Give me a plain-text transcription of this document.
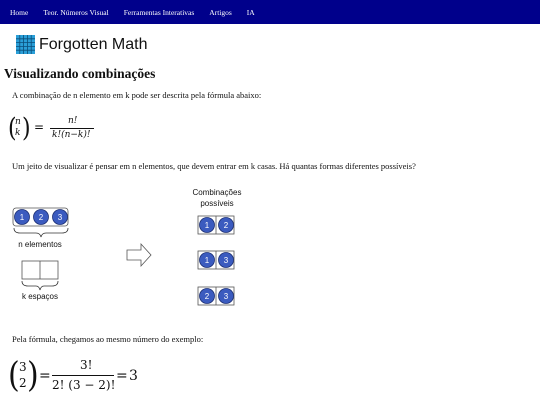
Home Teor. Números Visual Ferramentas Interativas Artigos IA
Forgotten Math
Visualizando combinações

A combinação de n elemento em k pode ser descrita pela fórmula abaixo:

(
n
k ) =	n!
k!(n−k)!

Um jeito de visualizar é pensar em n elementos, que devem entrar em k casas. Há quantas formas diferentes possíveis?

1 2 3
1 2
1 3
2 3
n elementos
k espaços
Combinações
possíveis

Pela fórmula, chegamos ao mesmo número do exemplo:

( 3
2 ) =
3!
2! (3 − 2)!
= 3
